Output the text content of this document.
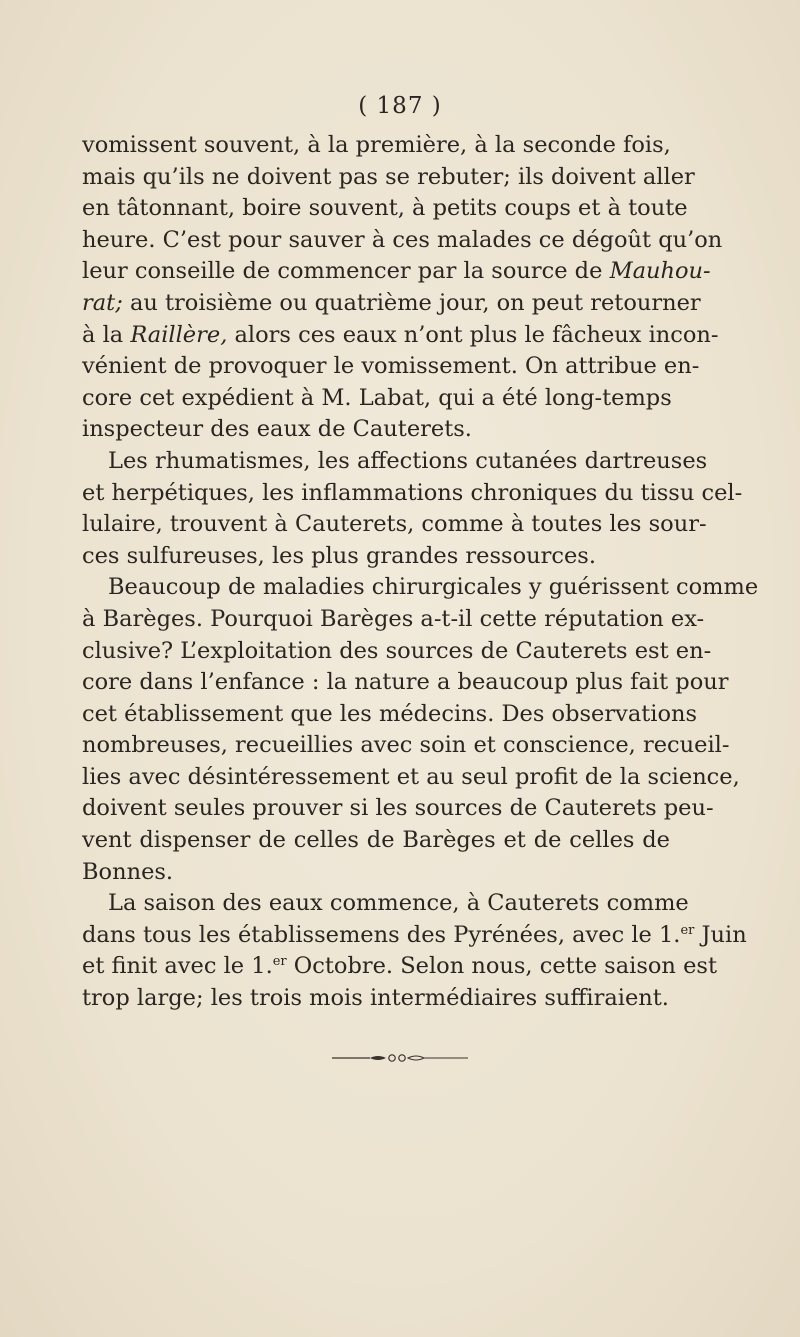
( 187 )
vomissent souvent, à la première, à la seconde fois,
mais qu’ils ne doivent pas se rebuter; ils doivent aller
en tâtonnant, boire souvent, à petits coups et à toute
heure. C’est pour sauver à ces malades ce dégoût qu’on
leur conseille de commencer par la source de Mauhou-
rat; au troisième ou quatrième jour, on peut retourner
à la Raillère, alors ces eaux n’ont plus le fâcheux incon-
vénient de provoquer le vomissement. On attribue en-
core cet expédient à M. Labat, qui a été long-temps
inspecteur des eaux de Cauterets.
Les rhumatismes, les affections cutanées dartreuses
et herpétiques, les inflammations chroniques du tissu cel-
lulaire, trouvent à Cauterets, comme à toutes les sour-
ces sulfureuses, les plus grandes ressources.
Beaucoup de maladies chirurgicales y guérissent comme
à Barèges. Pourquoi Barèges a-t-il cette réputation ex-
clusive? L’exploitation des sources de Cauterets est en-
core dans l’enfance : la nature a beaucoup plus fait pour
cet établissement que les médecins. Des observations
nombreuses, recueillies avec soin et conscience, recueil-
lies avec désintéressement et au seul profit de la science,
doivent seules prouver si les sources de Cauterets peu-
vent dispenser de celles de Barèges et de celles de
Bonnes.
La saison des eaux commence, à Cauterets comme
dans tous les établissemens des Pyrénées, avec le 1.$^{er}$ Juin
et finit avec le 1.$^{er}$ Octobre. Selon nous, cette saison est
trop large; les trois mois intermédiaires suffiraient.
